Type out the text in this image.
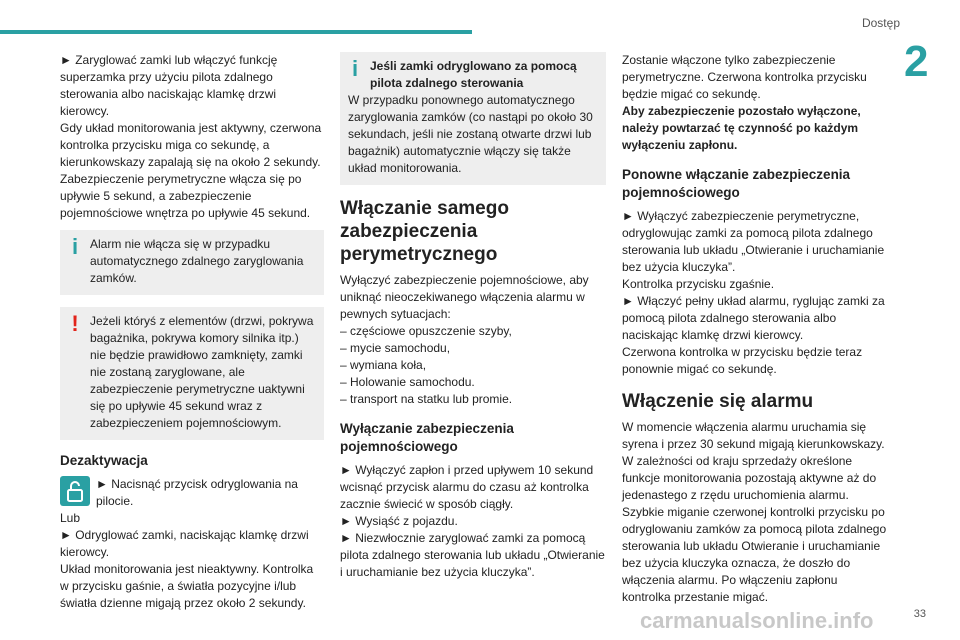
Dostęp
2

► Zaryglować zamki lub włączyć funkcję superzamka przy użyciu pilota zdalnego sterowania albo naciskając klamkę drzwi kierowcy.

Gdy układ monitorowania jest aktywny, czerwona kontrolka przycisku miga co sekundę, a kierunkowskazy zapalają się na około 2 sekundy.

Zabezpieczenie perymetryczne włącza się po upływie 5 sekund, a zabezpieczenie pojemnościowe wnętrza po upływie 45 sekund.

i Alarm nie włącza się w przypadku automatycznego zdalnego zaryglowania zamków.

! Jeżeli któryś z elementów (drzwi, pokrywa bagażnika, pokrywa komory silnika itp.) nie będzie prawidłowo zamknięty, zamki nie zostaną zaryglowane, ale zabezpieczenie perymetryczne uaktywni się po upływie 45 sekund wraz z zabezpieczeniem pojemnościowym.

Dezaktywacja

► Nacisnąć przycisk odryglowania na pilocie.

Lub

► Odryglować zamki, naciskając klamkę drzwi kierowcy.

Układ monitorowania jest nieaktywny. Kontrolka w przycisku gaśnie, a światła pozycyjne i/lub światła dzienne migają przez około 2 sekundy.

i Jeśli zamki odryglowano za pomocą pilota zdalnego sterowania

W przypadku ponownego automatycznego zaryglowania zamków (co nastąpi po około 30 sekundach, jeśli nie zostaną otwarte drzwi lub bagażnik) automatycznie włączy się także układ monitorowania.

Włączanie samego zabezpieczenia perymetrycznego

Wyłączyć zabezpieczenie pojemnościowe, aby uniknąć nieoczekiwanego włączenia alarmu w pewnych sytuacjach:

– częściowe opuszczenie szyby,

– mycie samochodu,

– wymiana koła,

– Holowanie samochodu.

– transport na statku lub promie.

Wyłączanie zabezpieczenia pojemnościowego

► Wyłączyć zapłon i przed upływem 10 sekund wcisnąć przycisk alarmu do czasu aż kontrolka zacznie świecić w sposób ciągły.

► Wysiąść z pojazdu.

► Niezwłocznie zaryglować zamki za pomocą pilota zdalnego sterowania lub układu „Otwieranie i uruchamianie bez użycia kluczyka”.

Zostanie włączone tylko zabezpieczenie perymetryczne. Czerwona kontrolka przycisku będzie migać co sekundę.

Aby zabezpieczenie pozostało wyłączone, należy powtarzać tę czynność po każdym wyłączeniu zapłonu.

Ponowne włączanie zabezpieczenia pojemnościowego

► Wyłączyć zabezpieczenie perymetryczne, odryglowując zamki za pomocą pilota zdalnego sterowania lub układu „Otwieranie i uruchamianie bez użycia kluczyka”.

Kontrolka przycisku zgaśnie.

► Włączyć pełny układ alarmu, ryglując zamki za pomocą pilota zdalnego sterowania albo naciskając klamkę drzwi kierowcy.

Czerwona kontrolka w przycisku będzie teraz ponownie migać co sekundę.

Włączenie się alarmu

W momencie włączenia alarmu uruchamia się syrena i przez 30 sekund migają kierunkowskazy.

W zależności od kraju sprzedaży określone funkcje monitorowania pozostają aktywne aż do jedenastego z rzędu uruchomienia alarmu.

Szybkie miganie czerwonej kontrolki przycisku po odryglowaniu zamków za pomocą pilota zdalnego sterowania lub układu Otwieranie i uruchamianie bez użycia kluczyka oznacza, że doszło do włączenia alarmu. Po włączeniu zapłonu kontrolka przestanie migać.

carmanualsonline.info	33
